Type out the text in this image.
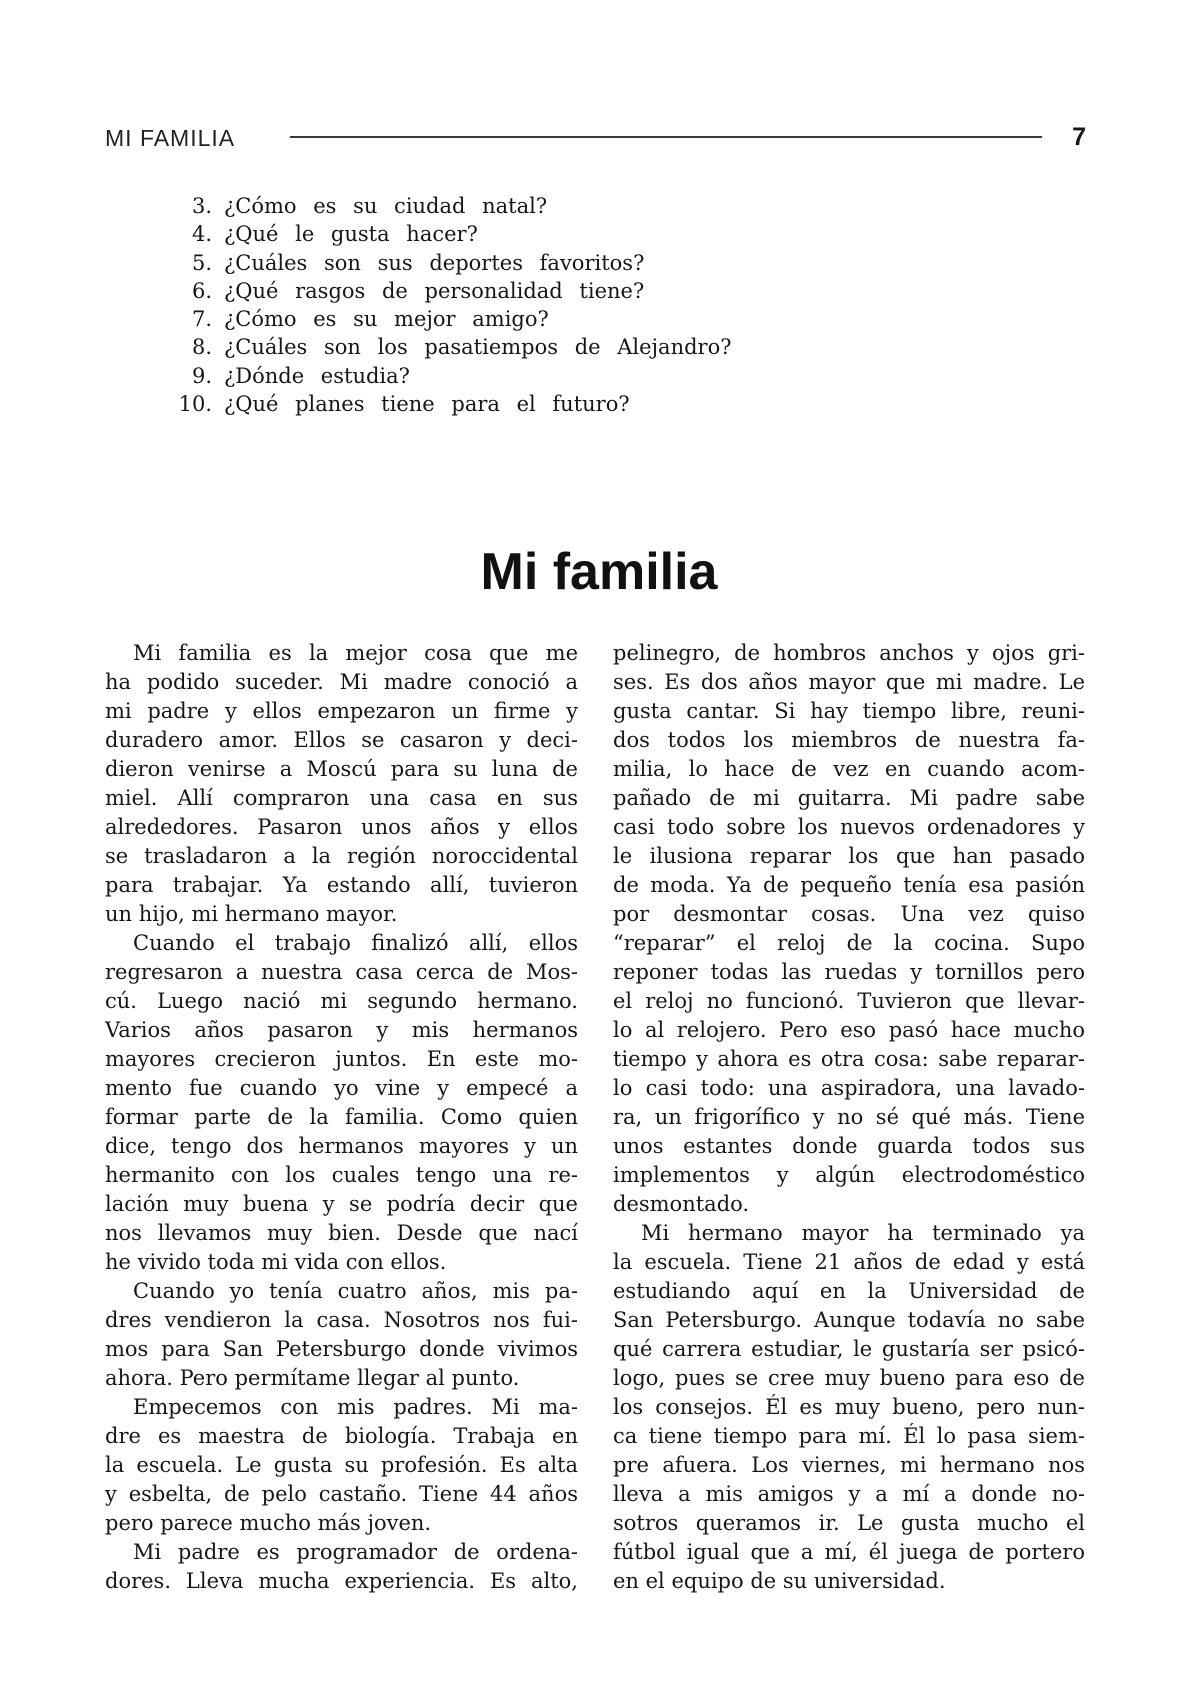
MI FAMILIA	7
3. ¿Cómo es su ciudad natal?
4. ¿Qué le gusta hacer?
5. ¿Cuáles son sus deportes favoritos?
6. ¿Qué rasgos de personalidad tiene?
7. ¿Cómo es su mejor amigo?
8. ¿Cuáles son los pasatiempos de Alejandro?
9. ¿Dónde estudia?
10. ¿Qué planes tiene para el futuro?
Mi familia
Mi familia es la mejor cosa que me
ha podido suceder. Mi madre conoció a
mi padre y ellos empezaron un firme y
duradero amor. Ellos se casaron y deci-
dieron venirse a Moscú para su luna de
miel. Allí compraron una casa en sus
alrededores. Pasaron unos años y ellos
se trasladaron a la región noroccidental
para trabajar. Ya estando allí, tuvieron
un hijo, mi hermano mayor.
Cuando el trabajo finalizó allí, ellos
regresaron a nuestra casa cerca de Mos-
cú. Luego nació mi segundo hermano.
Varios años pasaron y mis hermanos
mayores crecieron juntos. En este mo-
mento fue cuando yo vine y empecé a
formar parte de la familia. Como quien
dice, tengo dos hermanos mayores y un
hermanito con los cuales tengo una re-
lación muy buena y se podría decir que
nos llevamos muy bien. Desde que nací
he vivido toda mi vida con ellos.
Cuando yo tenía cuatro años, mis pa-
dres vendieron la casa. Nosotros nos fui-
mos para San Petersburgo donde vivimos
ahora. Pero permítame llegar al punto.
Empecemos con mis padres. Mi ma-
dre es maestra de biología. Trabaja en
la escuela. Le gusta su profesión. Es alta
y esbelta, de pelo castaño. Tiene 44 años
pero parece mucho más joven.
Mi padre es programador de ordena-
dores. Lleva mucha experiencia. Es alto,
pelinegro, de hombros anchos y ojos gri-
ses. Es dos años mayor que mi madre. Le
gusta cantar. Si hay tiempo libre, reuni-
dos todos los miembros de nuestra fa-
milia, lo hace de vez en cuando acom-
pañado de mi guitarra. Mi padre sabe
casi todo sobre los nuevos ordenadores y
le ilusiona reparar los que han pasado
de moda. Ya de pequeño tenía esa pasión
por desmontar cosas. Una vez quiso
“reparar” el reloj de la cocina. Supo
reponer todas las ruedas y tornillos pero
el reloj no funcionó. Tuvieron que llevar-
lo al relojero. Pero eso pasó hace mucho
tiempo y ahora es otra cosa: sabe reparar-
lo casi todo: una aspiradora, una lavado-
ra, un frigorífico y no sé qué más. Tiene
unos estantes donde guarda todos sus
implementos y algún electrodoméstico
desmontado.
Mi hermano mayor ha terminado ya
la escuela. Tiene 21 años de edad y está
estudiando aquí en la Universidad de
San Petersburgo. Aunque todavía no sabe
qué carrera estudiar, le gustaría ser psicó-
logo, pues se cree muy bueno para eso de
los consejos. Él es muy bueno, pero nun-
ca tiene tiempo para mí. Él lo pasa siem-
pre afuera. Los viernes, mi hermano nos
lleva a mis amigos y a mí a donde no-
sotros queramos ir. Le gusta mucho el
fútbol igual que a mí, él juega de portero
en el equipo de su universidad.
